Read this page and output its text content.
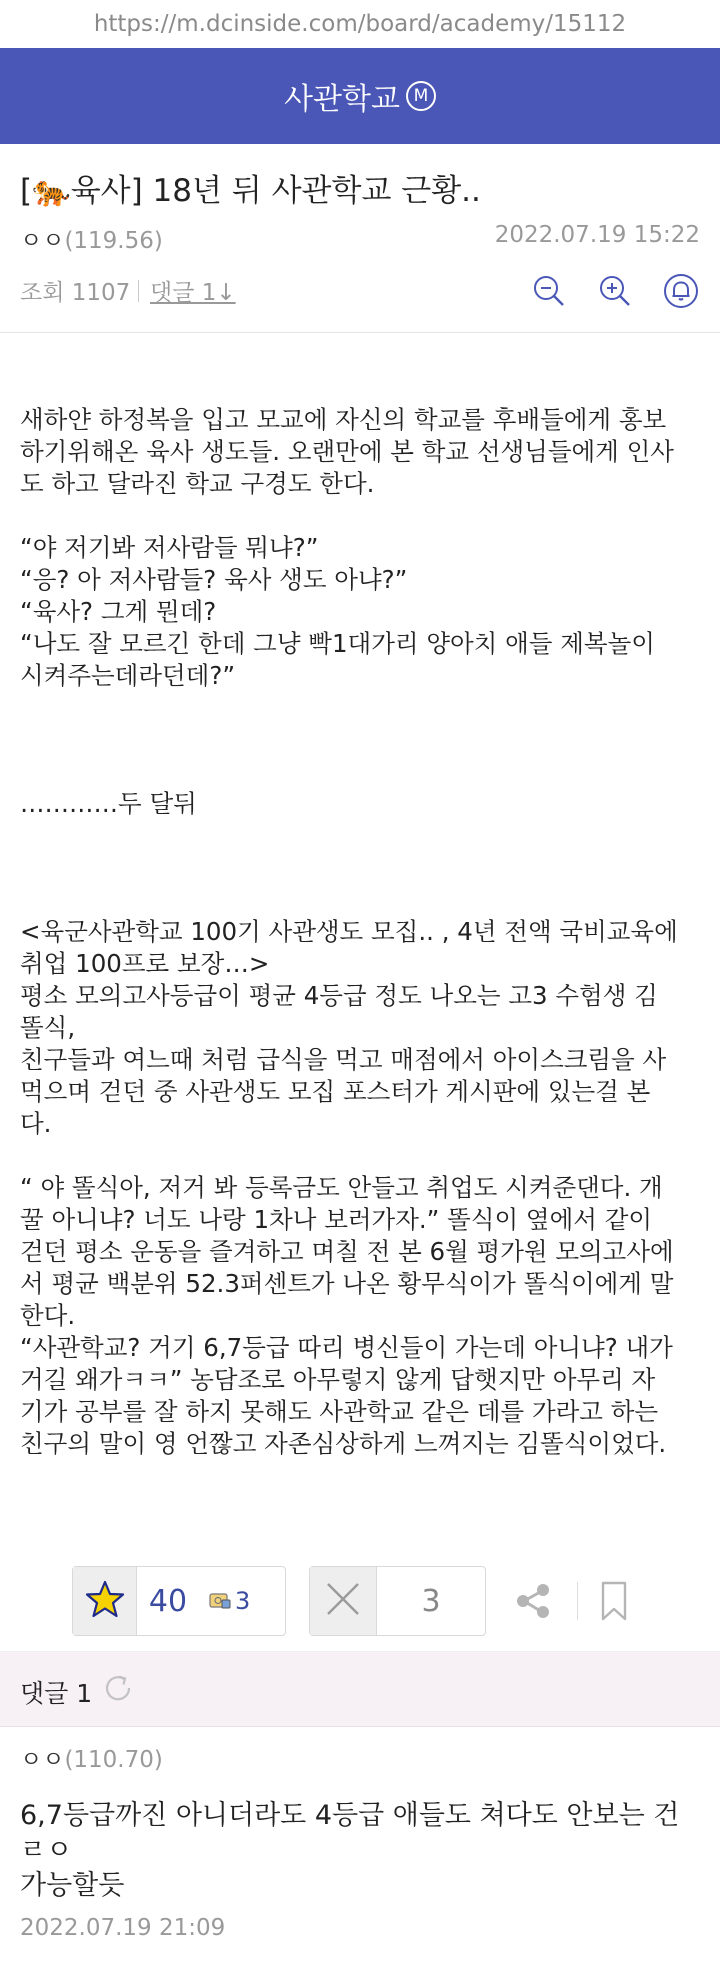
https://m.dcinside.com/board/academy/15112
사관학교 M
[🐅육사] 18년 뒤 사관학교 근황..
ㅇㅇ(119.56)	2022.07.19 15:22
조회 1107 댓글 1↓

새하얀 하정복을 입고 모교에 자신의 학교를 후배들에게 홍보

하기위해온 육사 생도들. 오랜만에 본 학교 선생님들에게 인사

도 하고 달라진 학교 구경도 한다.

“야 저기봐 저사람들 뭐냐?”

“응? 아 저사람들? 육사 생도 아냐?”

“육사? 그게 뭔데?

“나도 잘 모르긴 한데 그냥 빡1대가리 양아치 애들 제복놀이

시켜주는데라던데?”

…………두 달뒤

<육군사관학교 100기 사관생도 모집.. , 4년 전액 국비교육에

취업 100프로 보장…>

평소 모의고사등급이 평균 4등급 정도 나오는 고3 수험생 김

똘식,

친구들과 여느때 처럼 급식을 먹고 매점에서 아이스크림을 사

먹으며 걷던 중 사관생도 모집 포스터가 게시판에 있는걸 본

다.

“ 야 똘식아, 저거 봐 등록금도 안들고 취업도 시켜준댄다. 개

꿀 아니냐? 너도 나랑 1차나 보러가자.” 똘식이 옆에서 같이

걷던 평소 운동을 즐겨하고 며칠 전 본 6월 평가원 모의고사에

서 평균 백분위 52.3퍼센트가 나온 황무식이가 똘식이에게 말

한다.

“사관학교? 거기 6,7등급 따리 병신들이 가는데 아니냐? 내가

거길 왜가ㅋㅋ” 농담조로 아무렇지 않게 답햇지만 아무리 자

기가 공부를 잘 하지 못해도 사관학교 같은 데를 가라고 하는

친구의 말이 영 언짢고 자존심상하게 느껴지는 김똘식이었다.

40	3	3
댓글 1
ㅇㅇ(110.70)
6,7등급까진 아니더라도 4등급 애들도 쳐다도 안보는 건
ㄹㅇ
가능할듯
2022.07.19 21:09
